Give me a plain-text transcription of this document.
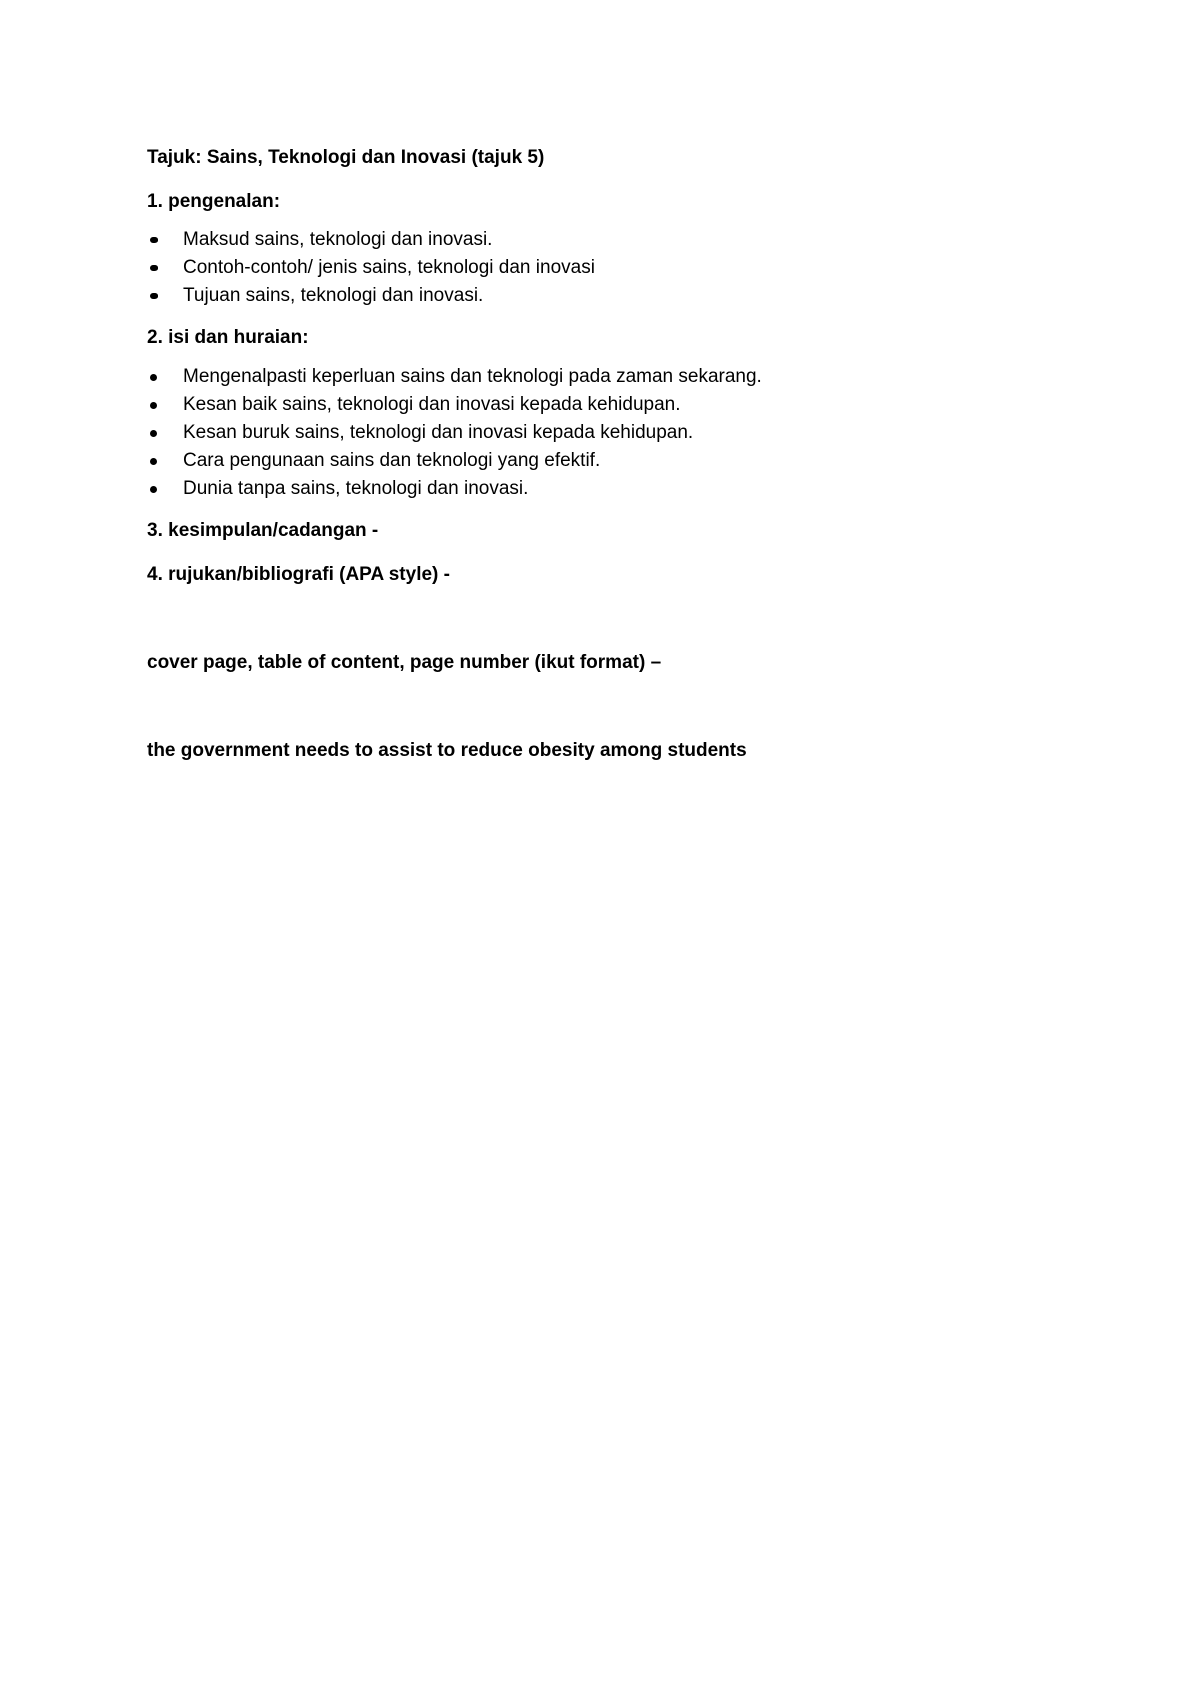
Tajuk: Sains, Teknologi dan Inovasi (tajuk 5)

1. pengenalan:

Maksud sains, teknologi dan inovasi.
Contoh-contoh/ jenis sains, teknologi dan inovasi
Tujuan sains, teknologi dan inovasi.

2. isi dan huraian:

Mengenalpasti keperluan sains dan teknologi pada zaman sekarang.
Kesan baik sains, teknologi dan inovasi kepada kehidupan.
Kesan buruk sains, teknologi dan inovasi kepada kehidupan.
Cara pengunaan sains dan teknologi yang efektif.
Dunia tanpa sains, teknologi dan inovasi.

3. kesimpulan/cadangan -

4. rujukan/bibliografi (APA style) -

cover page, table of content, page number (ikut format) –

the government needs to assist to reduce obesity among students
